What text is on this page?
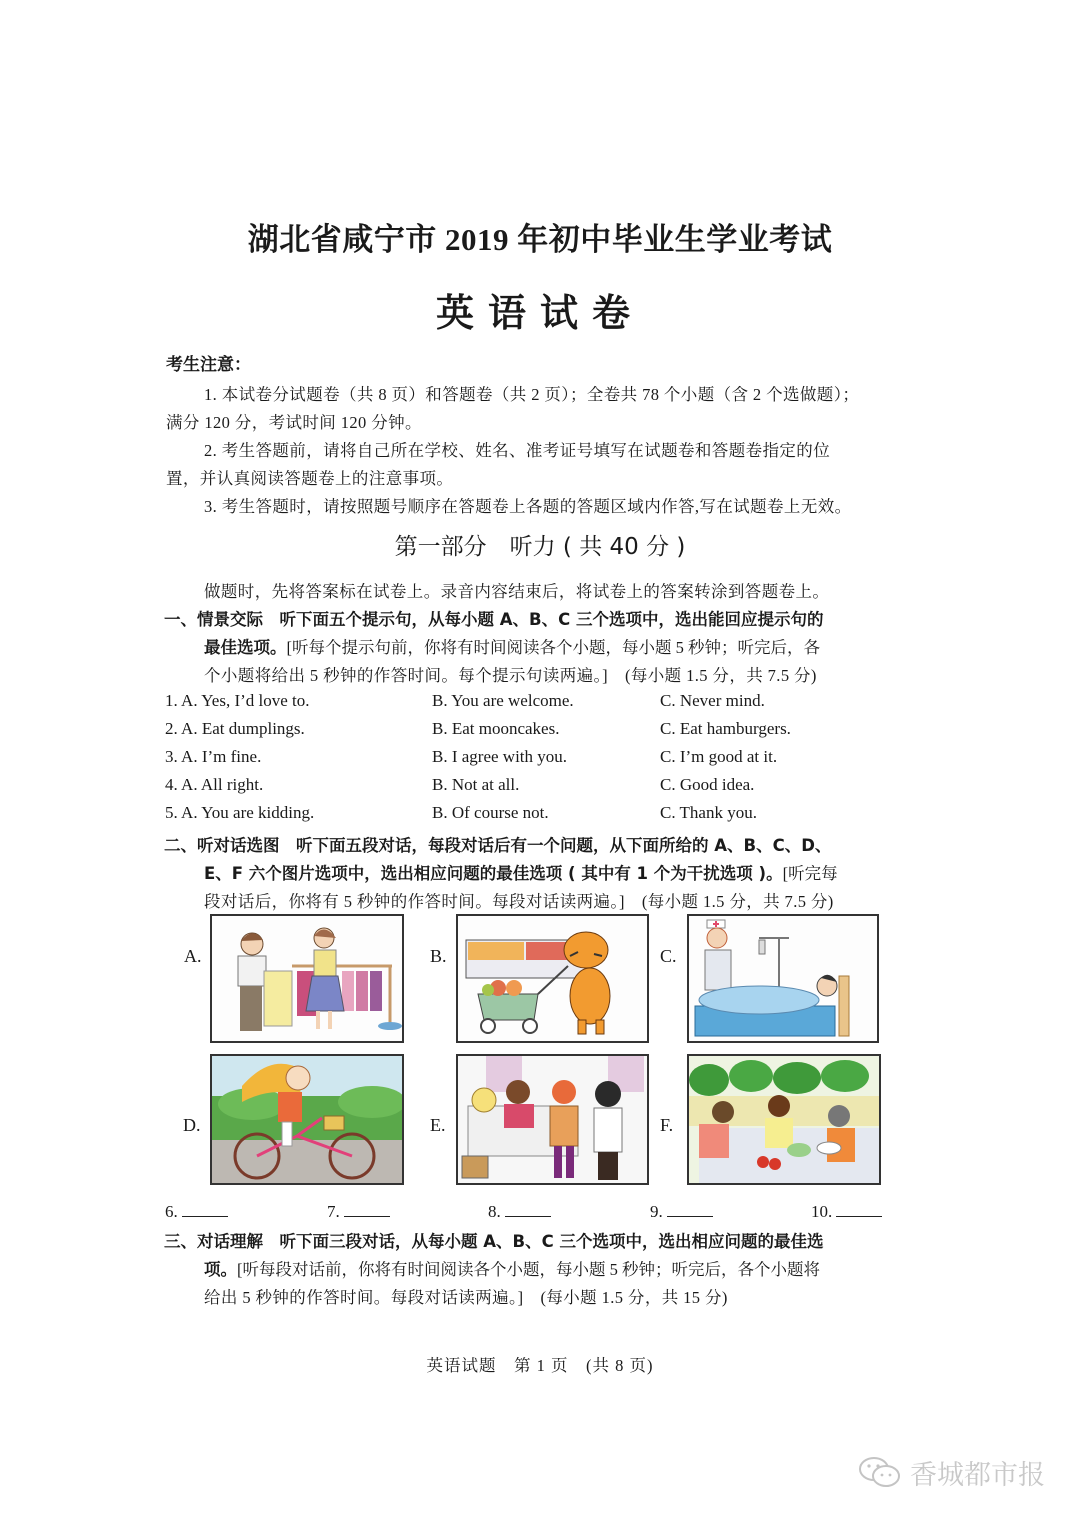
湖北省咸宁市 2019 年初中毕业生学业考试
英语试卷
考生注意：
1. 本试卷分试题卷（共 8 页）和答题卷（共 2 页）；全卷共 78 个小题（含 2 个选做题）；
满分 120 分，考试时间 120 分钟。
2. 考生答题前，请将自己所在学校、姓名、准考证号填写在试题卷和答题卷指定的位
置，并认真阅读答题卷上的注意事项。
3. 考生答题时，请按照题号顺序在答题卷上各题的答题区域内作答,写在试题卷上无效。
第一部分　听力 ( 共 40 分 )
做题时，先将答案标在试卷上。录音内容结束后，将试卷上的答案转涂到答题卷上。
一、情景交际　听下面五个提示句，从每小题 A、B、C 三个选项中，选出能回应提示句的
最佳选项。[听每个提示句前，你将有时间阅读各个小题，每小题 5 秒钟；听完后，各
个小题将给出 5 秒钟的作答时间。每个提示句读两遍。]　(每小题 1.5 分，共 7.5 分)
1. A. Yes, I’d love to.	B. You are welcome.	C. Never mind.
2. A. Eat dumplings.	B. Eat mooncakes.	C. Eat hamburgers.
3. A. I’m fine.	B. I agree with you.	C. I’m good at it.
4. A. All right.	B. Not at all.	C. Good idea.
5. A. You are kidding.	B. Of course not.	C. Thank you.
二、听对话选图　听下面五段对话，每段对话后有一个问题，从下面所给的 A、B、C、D、
E、F 六个图片选项中，选出相应问题的最佳选项 ( 其中有 1 个为干扰选项 )。[听完每
段对话后，你将有 5 秒钟的作答时间。每段对话读两遍。]　(每小题 1.5 分，共 7.5 分)
A.	B.	C.
D.	E.	F.
6.	7.	8.	9.	10.
三、对话理解　听下面三段对话，从每小题 A、B、C 三个选项中，选出相应问题的最佳选
项。[听每段对话前，你将有时间阅读各个小题，每小题 5 秒钟；听完后，各个小题将
给出 5 秒钟的作答时间。每段对话读两遍。]　(每小题 1.5 分，共 15 分)
英语试题　第 1 页　(共 8 页)
香城都市报
